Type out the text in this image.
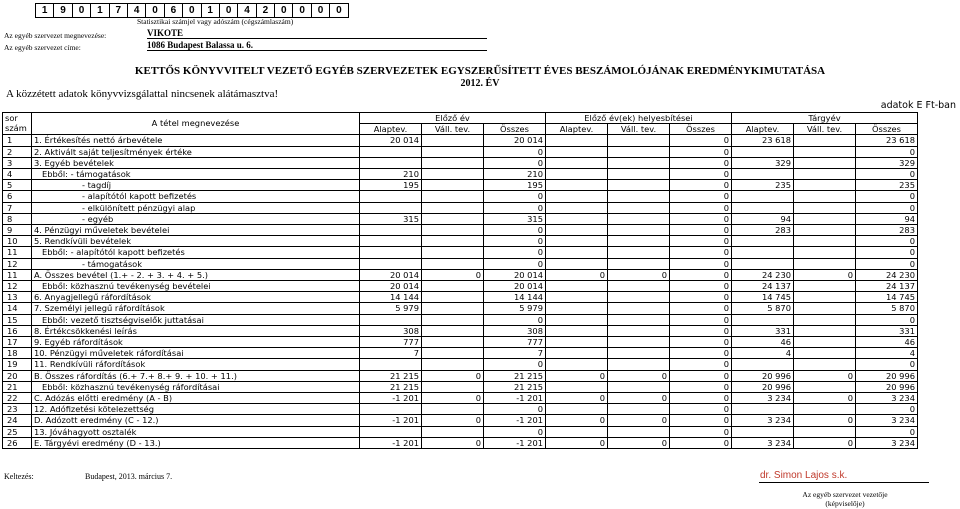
1	9	0	1	7	4	0	6	0	1	0	4	2	0	0	0	0
Statisztikai számjel vagy adószám (cégszámlaszám)
Az egyéb szervezet megnevezése:	VIKOTE
Az egyéb szervezet címe:	1086 Budapest Balassa u. 6.
KETTŐS KÖNYVVITELT VEZETŐ EGYÉB SZERVEZETEK EGYSZERŰSÍTETT ÉVES BESZÁMOLÓJÁNAK EREDMÉNYKIMUTATÁSA
2012. ÉV
A közzétett adatok könyvvizsgálattal nincsenek alátámasztva!
adatok E Ft-ban
sor
szám	A tétel megnevezése	Előző év			Előző év(ek) helyesbítései			Tárgyév		
		Alaptev.	Váll. tev.	Összes	Alaptev.	Váll. tev.	Összes	Alaptev.	Váll. tev.	Összes
1	1. Értékesítés nettó árbevétele	20 014		20 014			0	23 618		23 618
2	2. Aktivált saját teljesítmények értéke			0			0			0
3	3. Egyéb bevételek			0			0	329		329
4	Ebből: - támogatások	210		210			0			0
5	- tagdíj	195		195			0	235		235
6	- alapítótól kapott befizetés			0			0			0
7	- elkülönített pénzügyi alap			0			0			0
8	- egyéb	315		315			0	94		94
9	4. Pénzügyi műveletek bevételei			0			0	283		283
10	5. Rendkívüli bevételek			0			0			0
11	Ebből: - alapítótól kapott befizetés			0			0			0
12	- támogatások			0			0			0
11	A. Összes bevétel (1.+ - 2. + 3. + 4. + 5.)	20 014	0	20 014	0	0	0	24 230	0	24 230
12	Ebből: közhasznú tevékenység bevételei	20 014		20 014			0	24 137		24 137
13	6. Anyagjellegű ráfordítások	14 144		14 144			0	14 745		14 745
14	7. Személyi jellegű ráfordítások	5 979		5 979			0	5 870		5 870
15	Ebből: vezető tisztségviselők juttatásai			0			0			0
16	8. Értékcsökkenési leírás	308		308			0	331		331
17	9. Egyéb ráfordítások	777		777			0	46		46
18	10. Pénzügyi műveletek ráfordításai	7		7			0	4		4
19	11. Rendkívüli ráfordítások			0			0			0
20	B. Összes ráfordítás (6.+ 7.+ 8.+ 9. + 10. + 11.)	21 215	0	21 215	0	0	0	20 996	0	20 996
21	Ebből: közhasznú tevékenység ráfordításai	21 215		21 215			0	20 996		20 996
22	C. Adózás előtti eredmény (A - B)	-1 201	0	-1 201	0	0	0	3 234	0	3 234
23	12. Adófizetési kötelezettség			0			0			0
24	D. Adózott eredmény (C - 12.)	-1 201	0	-1 201	0	0	0	3 234	0	3 234
25	13. Jóváhagyott osztalék			0			0			0
26	E. Tárgyévi eredmény (D - 13.)	-1 201	0	-1 201	0	0	0	3 234	0	3 234
Keltezés:	Budapest, 2013. március 7.	dr. Simon Lajos s.k.
Az egyéb szervezet vezetője
(képviselője)
